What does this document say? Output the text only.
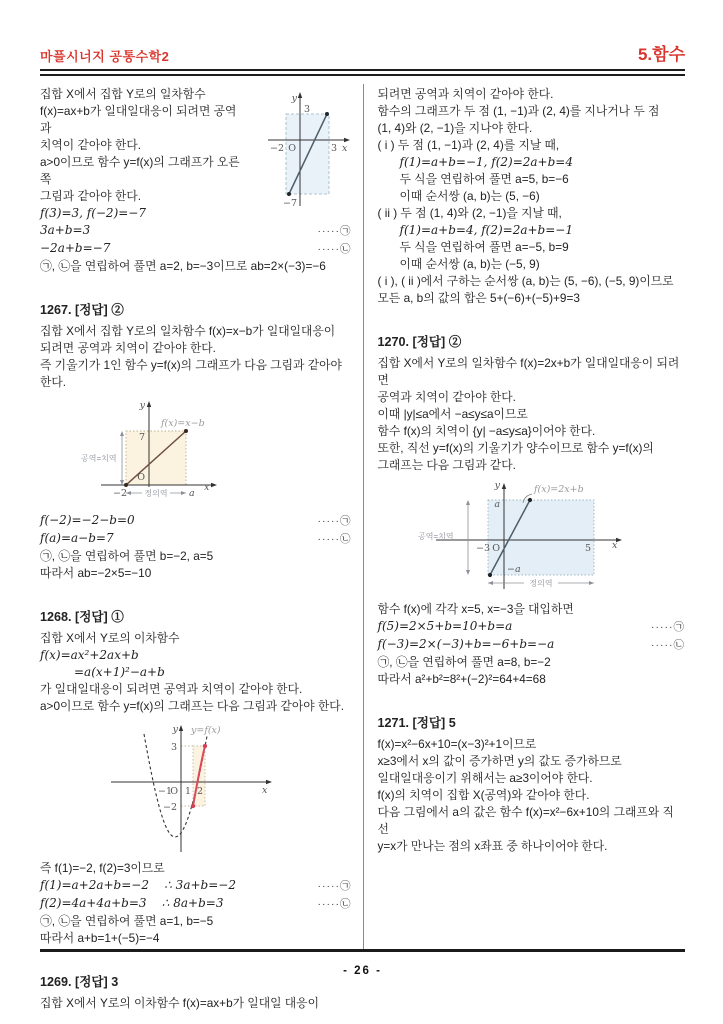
마플시너지 공통수학2	5.함수
y
3
−2 O	3 x
−7
집합 X에서 집합 Y로의 일차함수
f(x)=ax+b가 일대일대응이 되려면 공역과
치역이 같아야 한다.
a>0이므로 함수 y=f(x)의 그래프가 오른쪽
그림과 같아야 한다.
f(3)=3, f(−2)=−7
3a+b=3	·····㉠
−2a+b=−7	·····㉡
㉠, ㉡을 연립하여 풀면 a=2, b=−3이므로 ab=2×(−3)=−6
1267. [정답] ②
집합 X에서 집합 Y로의 일차함수 f(x)=x−b가 일대일대응이
되려면 공역과 치역이 같아야 한다.
즉 기울기가 1인 함수 y=f(x)의 그래프가 다음 그림과 같아야
한다.
정의역
공역=치역
y
7
f(x)=x−b
O
−2	a
x
f(−2)=−2−b=0	·····㉠
f(a)=a−b=7	·····㉡
㉠, ㉡을 연립하여 풀면 b=−2, a=5
따라서 ab=−2×5=−10
1268. [정답] ①
집합 X에서 Y로의 이차함수
f(x)=ax²+2ax+b
=a(x+1)²−a+b
가 일대일대응이 되려면 공역과 치역이 같아야 한다.
a>0이므로 함수 y=f(x)의 그래프는 다음 그림과 같아야 한다.
y y=f(x)
3
−1
O 1 2
−2
x
즉 f(1)=−2, f(2)=3이므로
f(1)=a+2a+b=−2    ∴ 3a+b=−2	·····㉠
f(2)=4a+4a+b=3    ∴ 8a+b=3	·····㉡
㉠, ㉡을 연립하여 풀면 a=1, b=−5
따라서 a+b=1+(−5)=−4
1269. [정답] 3
집합 X에서 Y로의 이차함수 f(x)=ax+b가 일대일 대응이
되려면 공역과 치역이 같아야 한다.
함수의 그래프가 두 점 (1, −1)과 (2, 4)를 지나거나 두 점
(1, 4)와 (2, −1)을 지나야 한다.
( i ) 두 점 (1, −1)과 (2, 4)를 지날 때,
f(1)=a+b=−1, f(2)=2a+b=4
두 식을 연립하여 풀면 a=5, b=−6
이때 순서쌍 (a, b)는 (5, −6)
( ii ) 두 점 (1, 4)와 (2, −1)을 지날 때,
f(1)=a+b=4, f(2)=2a+b=−1
두 식을 연립하여 풀면 a=−5, b=9
이때 순서쌍 (a, b)는 (−5, 9)
( i ), ( ii )에서 구하는 순서쌍 (a, b)는 (5, −6), (−5, 9)이므로
모든 a, b의 값의 합은 5+(−6)+(−5)+9=3
1270. [정답] ②
집합 X에서 Y로의 일차함수 f(x)=2x+b가 일대일대응이 되려면
공역과 치역이 같아야 한다.
이때 |y|≤a에서 −a≤y≤a이므로
함수 f(x)의 치역이 {y| −a≤y≤a}이어야 한다.
또한, 직선 y=f(x)의 기울기가 양수이므로 함수 y=f(x)의
그래프는 다음 그림과 같다.
정의역
공역=치역
y	f(x)=2x+b
a
−a
−3 O	5 x
함수 f(x)에 각각 x=5, x=−3을 대입하면
f(5)=2×5+b=10+b=a	·····㉠
f(−3)=2×(−3)+b=−6+b=−a	·····㉡
㉠, ㉡을 연립하여 풀면 a=8, b=−2
따라서 a²+b²=8²+(−2)²=64+4=68
1271. [정답] 5
f(x)=x²−6x+10=(x−3)²+1이므로
x≥3에서 x의 값이 증가하면 y의 값도 증가하므로
일대일대응이기 위해서는 a≥3이어야 한다.
f(x)의 치역이 집합 X(공역)와 같아야 한다.
다음 그림에서 a의 값은 함수 f(x)=x²−6x+10의 그래프와 직선
y=x가 만나는 점의 x좌표 중 하나이어야 한다.
- 26 -
